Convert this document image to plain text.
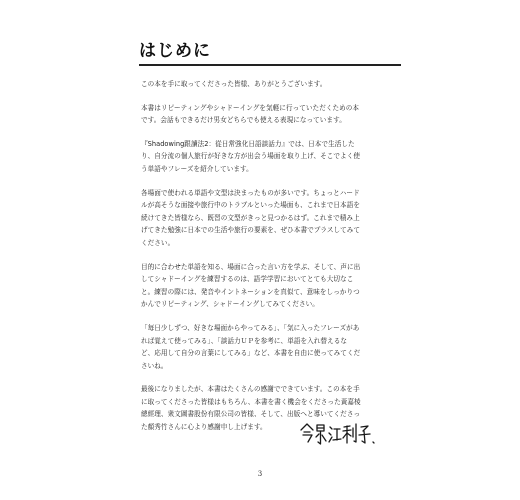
はじめに

この本を手に取ってくださった皆様、ありがとうございます。

本書はリピーティングやシャドーイングを気軽に行っていただくための本
です。会話もできるだけ男女どちらでも使える表現になっています。

『Shadowing跟讀法2：從日常強化日語談話力』では、日本で生活した
り、自分流の個人旅行が好きな方が出会う場面を取り上げ、そこでよく使
う単語やフレーズを紹介しています。

各場面で使われる単語や文型は決まったものが多いです。ちょっとハード
ルが高そうな面接や旅行中のトラブルといった場面も、これまで日本語を
続けてきた皆様なら、既習の文型がきっと見つかるはず。これまで積み上
げてきた勉強に日本での生活や旅行の要素を、ぜひ本書でプラスしてみて
ください。

目的に合わせた単語を知る、場面に合った言い方を学ぶ、そして、声に出
してシャドーイングを練習するのは、語学学習においてとても大切なこ
と。練習の際には、発音やイントネーションを真似て、意味をしっかりつ
かんでリピーティング、シャドーイングしてみてください。

「毎日少しずつ、好きな場面からやってみる」、「気に入ったフレーズがあ
れば覚えて使ってみる」、「談話力ＵＰを参考に、単語を入れ替えるな
ど、応用して自分の言葉にしてみる」など、本書を自由に使ってみてくだ
さいね。

最後になりましたが、本書はたくさんの感謝でできています。この本を手
に取ってくださった皆様はもちろん、本書を書く機会をくださった黃嘉棱
總經理、衆文圖書股份有限公司の皆様、そして、出版へと導いてくださっ
た顏秀竹さんに心より感謝申し上げます。

3
